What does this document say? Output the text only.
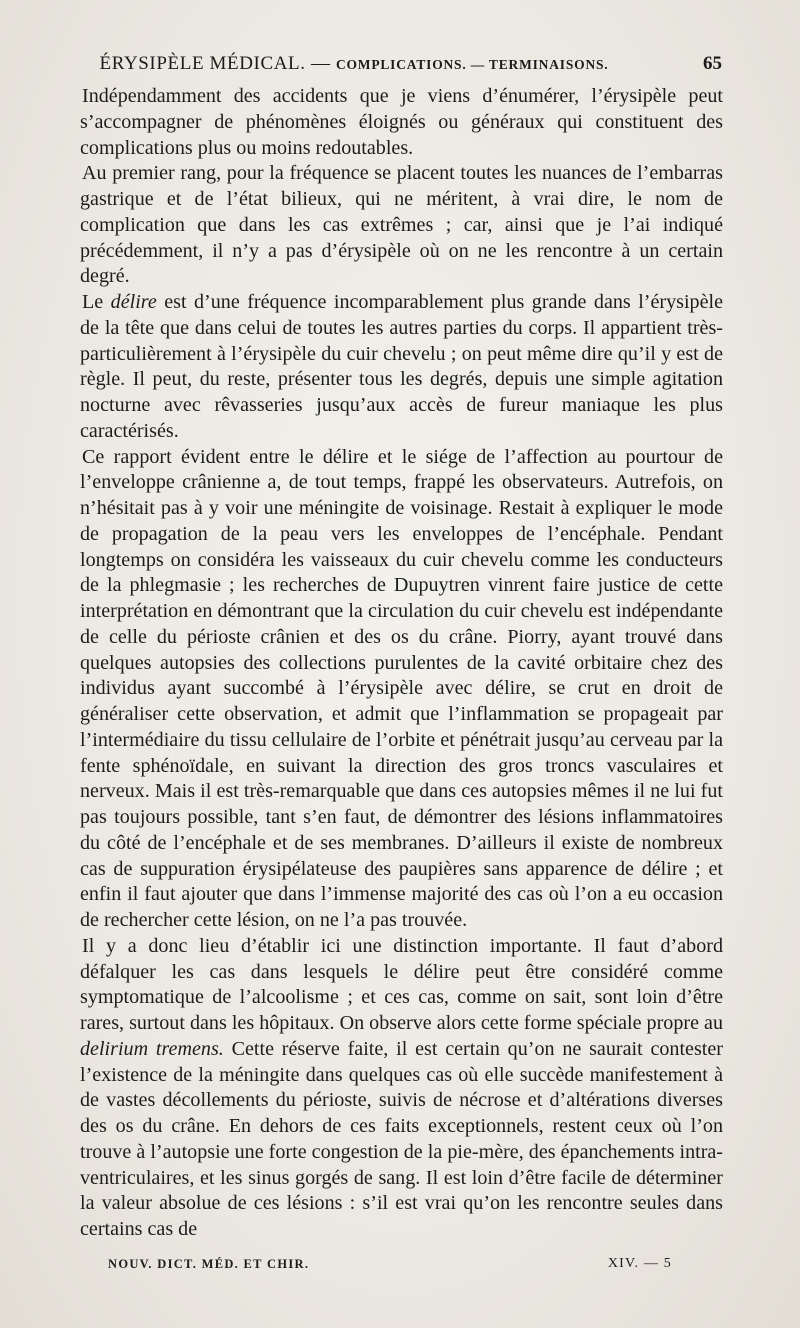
ÉRYSIPÈLE MÉDICAL. — COMPLICATIONS. — TERMINAISONS.	65

Indépendamment des accidents que je viens d’énumérer, l’érysipèle peut s’accompagner de phénomènes éloignés ou généraux qui constituent des complications plus ou moins redoutables.

Au premier rang, pour la fréquence se placent toutes les nuances de l’embarras gastrique et de l’état bilieux, qui ne méritent, à vrai dire, le nom de complication que dans les cas extrêmes ; car, ainsi que je l’ai indiqué précédemment, il n’y a pas d’érysipèle où on ne les rencontre à un certain degré.

Le délire est d’une fréquence incomparablement plus grande dans l’érysipèle de la tête que dans celui de toutes les autres parties du corps. Il appartient très-particulièrement à l’érysipèle du cuir chevelu ; on peut même dire qu’il y est de règle. Il peut, du reste, présenter tous les degrés, depuis une simple agitation nocturne avec rêvasseries jusqu’aux accès de fureur maniaque les plus caractérisés.

Ce rapport évident entre le délire et le siége de l’affection au pourtour de l’enveloppe crânienne a, de tout temps, frappé les observateurs. Autrefois, on n’hésitait pas à y voir une méningite de voisinage. Restait à expliquer le mode de propagation de la peau vers les enveloppes de l’encéphale. Pendant longtemps on considéra les vaisseaux du cuir chevelu comme les conducteurs de la phlegmasie ; les recherches de Dupuytren vinrent faire justice de cette interprétation en démontrant que la circulation du cuir chevelu est indépendante de celle du périoste crânien et des os du crâne. Piorry, ayant trouvé dans quelques autopsies des collections purulentes de la cavité orbitaire chez des individus ayant succombé à l’érysipèle avec délire, se crut en droit de généraliser cette observation, et admit que l’inflammation se propageait par l’intermédiaire du tissu cellulaire de l’orbite et pénétrait jusqu’au cerveau par la fente sphénoïdale, en suivant la direction des gros troncs vasculaires et nerveux. Mais il est très-remarquable que dans ces autopsies mêmes il ne lui fut pas toujours possible, tant s’en faut, de démontrer des lésions inflammatoires du côté de l’encéphale et de ses membranes. D’ailleurs il existe de nombreux cas de suppuration érysipélateuse des paupières sans apparence de délire ; et enfin il faut ajouter que dans l’immense majorité des cas où l’on a eu occasion de rechercher cette lésion, on ne l’a pas trouvée.

Il y a donc lieu d’établir ici une distinction importante. Il faut d’abord défalquer les cas dans lesquels le délire peut être considéré comme symptomatique de l’alcoolisme ; et ces cas, comme on sait, sont loin d’être rares, surtout dans les hôpitaux. On observe alors cette forme spéciale propre au delirium tremens. Cette réserve faite, il est certain qu’on ne saurait contester l’existence de la méningite dans quelques cas où elle succède manifestement à de vastes décollements du périoste, suivis de nécrose et d’altérations diverses des os du crâne. En dehors de ces faits exceptionnels, restent ceux où l’on trouve à l’autopsie une forte congestion de la pie-mère, des épanchements intra-ventriculaires, et les sinus gorgés de sang. Il est loin d’être facile de déterminer la valeur absolue de ces lésions : s’il est vrai qu’on les rencontre seules dans certains cas de

NOUV. DICT. MÉD. ET CHIR.	XIV. — 5
